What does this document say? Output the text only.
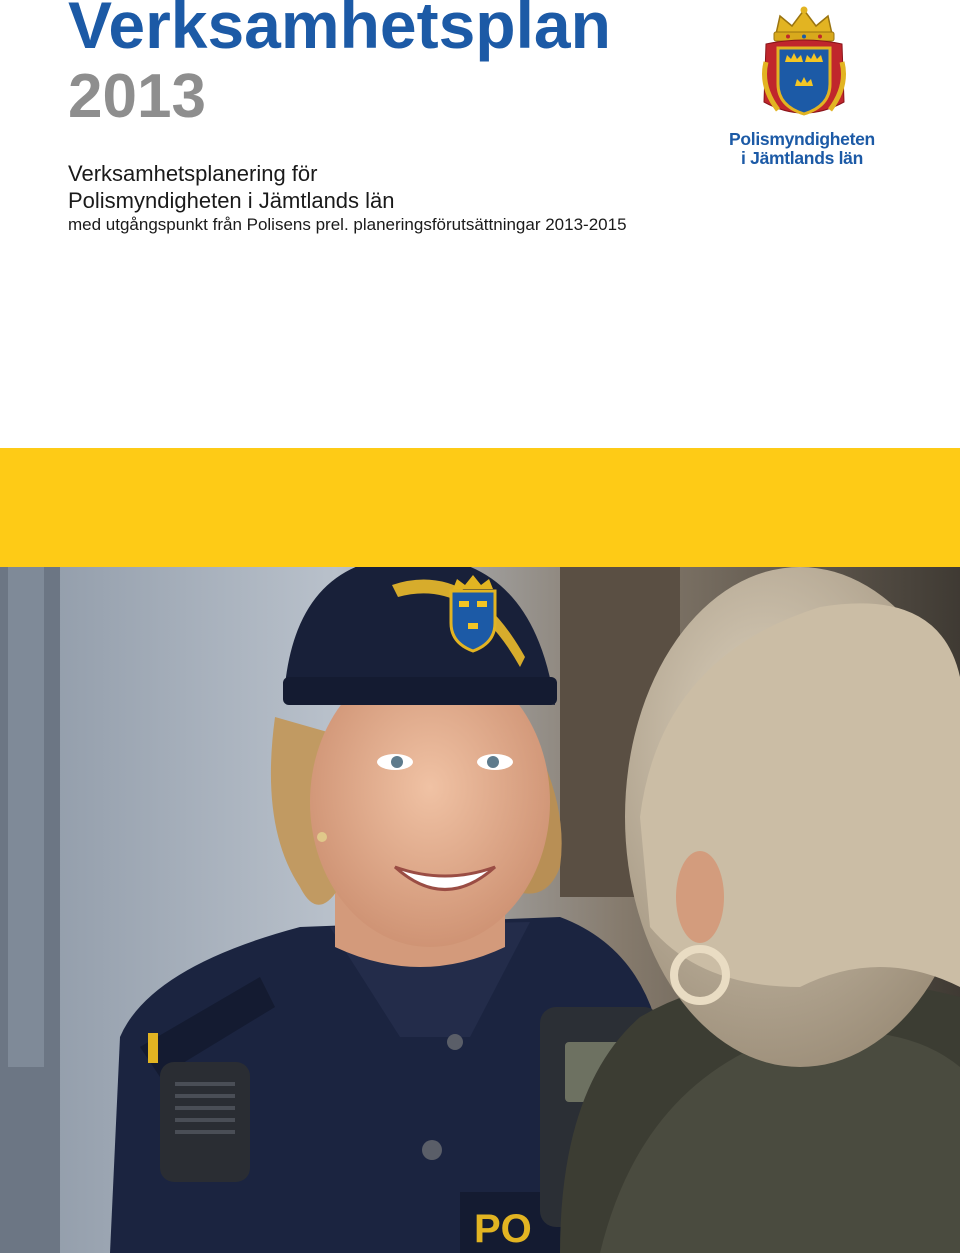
Verksamhetsplan
2013

Verksamhetsplanering för
Polismyndigheten i Jämtlands län

med utgångspunkt från Polisens prel. planeringsförutsättningar 2013-2015

Polismyndigheten
i Jämtlands län
PO
